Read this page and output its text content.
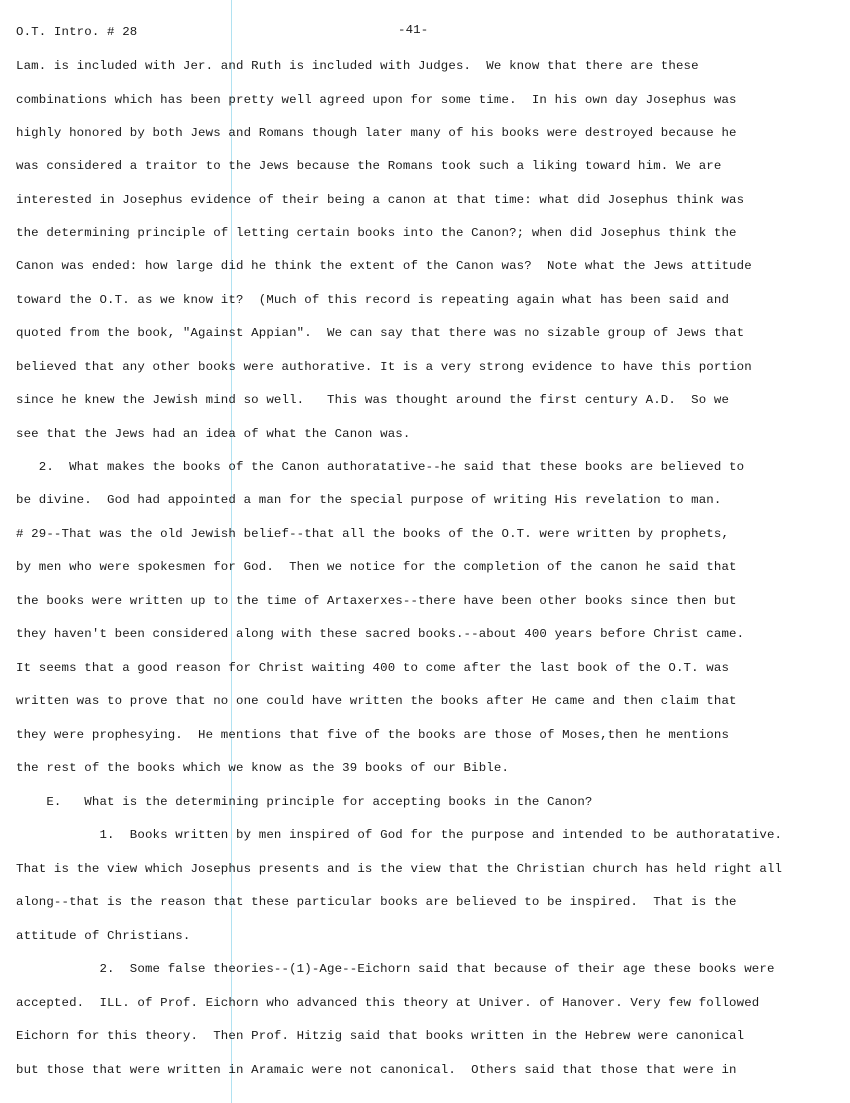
O.T. Intro. # 28	-41-
Lam. is included with Jer. and Ruth is included with Judges.  We know that there are these
combinations which has been pretty well agreed upon for some time.  In his own day Josephus was
highly honored by both Jews and Romans though later many of his books were destroyed because he
was considered a traitor to the Jews because the Romans took such a liking toward him. We are
interested in Josephus evidence of their being a canon at that time: what did Josephus think was
the determining principle of letting certain books into the Canon?; when did Josephus think the
Canon was ended: how large did he think the extent of the Canon was?  Note what the Jews attitude
toward the O.T. as we know it?  (Much of this record is repeating again what has been said and
quoted from the book, "Against Appian".  We can say that there was no sizable group of Jews that
believed that any other books were authorative. It is a very strong evidence to have this portion
since he knew the Jewish mind so well.   This was thought around the first century A.D.  So we
see that the Jews had an idea of what the Canon was.
2.  What makes the books of the Canon authoratative--he said that these books are believed to
be divine.  God had appointed a man for the special purpose of writing His revelation to man.
# 29--That was the old Jewish belief--that all the books of the O.T. were written by prophets,
by men who were spokesmen for God.  Then we notice for the completion of the canon he said that
the books were written up to the time of Artaxerxes--there have been other books since then but
they haven't been considered along with these sacred books.--about 400 years before Christ came.
It seems that a good reason for Christ waiting 400 to come after the last book of the O.T. was
written was to prove that no one could have written the books after He came and then claim that
they were prophesying.  He mentions that five of the books are those of Moses,then he mentions
the rest of the books which we know as the 39 books of our Bible.
E.   What is the determining principle for accepting books in the Canon?
1.  Books written by men inspired of God for the purpose and intended to be authoratative.
That is the view which Josephus presents and is the view that the Christian church has held right all
along--that is the reason that these particular books are believed to be inspired.  That is the
attitude of Christians.
2.  Some false theories--(1)-Age--Eichorn said that because of their age these books were
accepted.  ILL. of Prof. Eichorn who advanced this theory at Univer. of Hanover. Very few followed
Eichorn for this theory.  Then Prof. Hitzig said that books written in the Hebrew were canonical
but those that were written in Aramaic were not canonical.  Others said that those that were in
